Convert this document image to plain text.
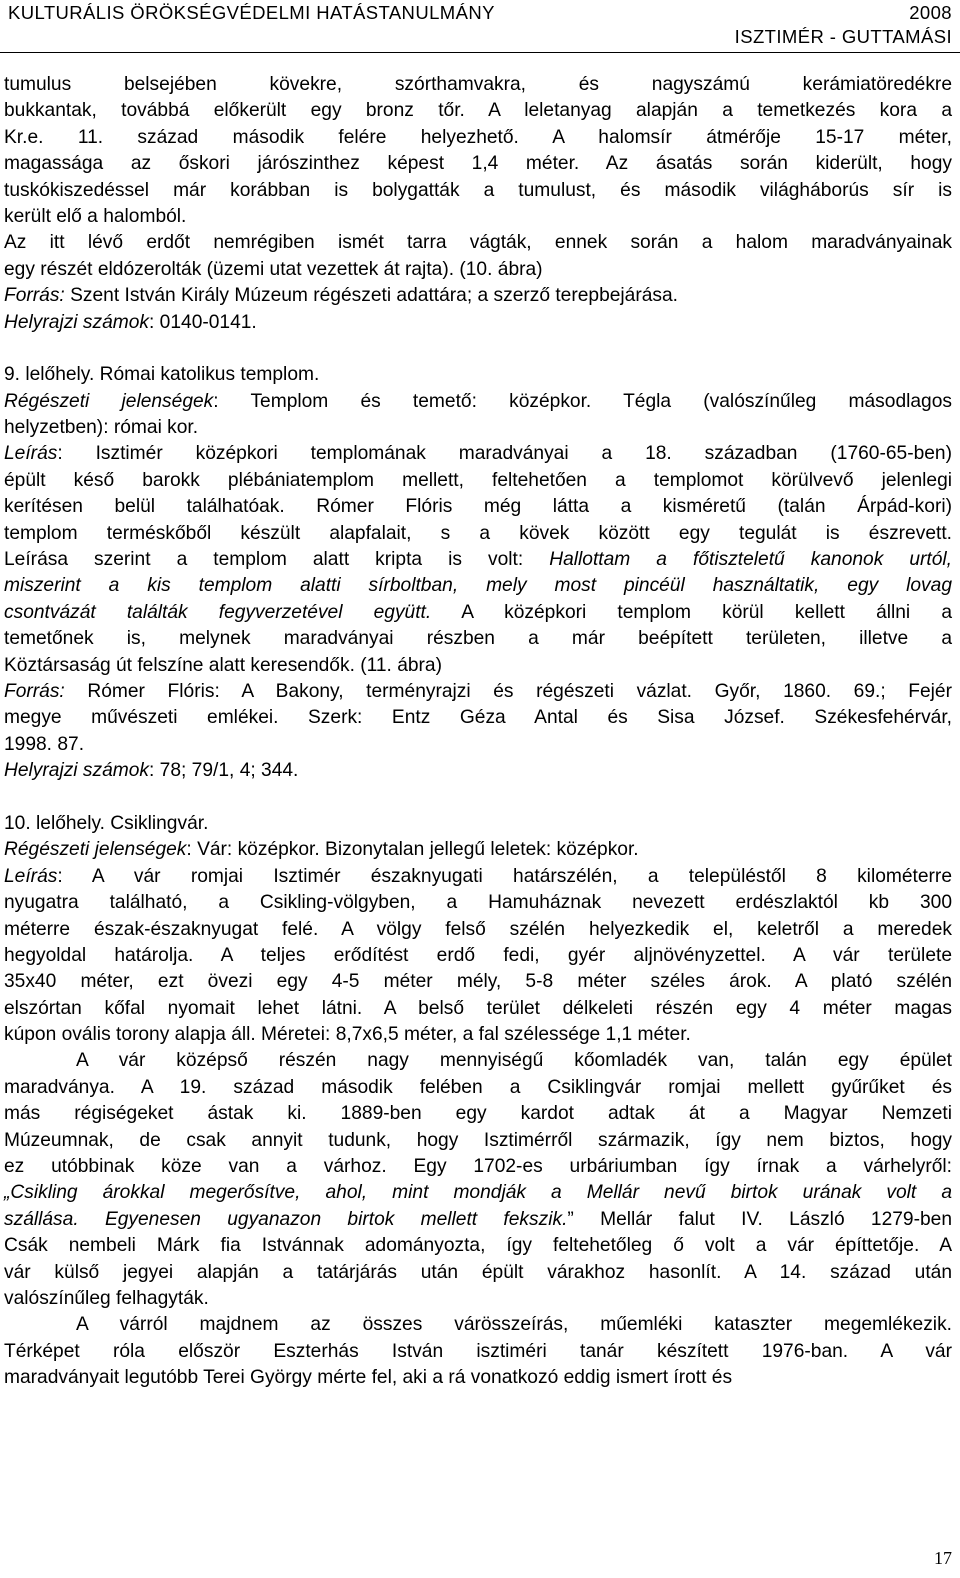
KULTURÁLIS ÖRÖKSÉGVÉDELMI HATÁSTANULMÁNY	2008
ISZTIMÉR - GUTTAMÁSI
tumulus belsejében kövekre, szórthamvakra, és nagyszámú kerámiatöredékre
bukkantak, továbbá előkerült egy bronz tőr. A leletanyag alapján a temetkezés kora a
Kr.e. 11. század második felére helyezhető. A halomsír átmérője 15-17 méter,
magassága az őskori járószinthez képest 1,4 méter. Az ásatás során kiderült, hogy
tuskókiszedéssel már korábban is bolygatták a tumulust, és második világháborús sír is
került elő a halomból.
Az itt lévő erdőt nemrégiben ismét tarra vágták, ennek során a halom maradványainak
egy részét eldózerolták (üzemi utat vezettek át rajta). (10. ábra)
Forrás: Szent István Király Múzeum régészeti adattára; a szerző terepbejárása.
Helyrajzi számok: 0140-0141.
9. lelőhely. Római katolikus templom.
Régészeti jelenségek: Templom és temető: középkor. Tégla (valószínűleg másodlagos
helyzetben): római kor.
Leírás: Isztimér középkori templomának maradványai a 18. században (1760-65-ben)
épült késő barokk plébániatemplom mellett, feltehetően a templomot körülvevő jelenlegi
kerítésen belül találhatóak. Rómer Flóris még látta a kisméretű (talán Árpád-kori)
templom terméskőből készült alapfalait, s a kövek között egy tegulát is észrevett.
Leírása szerint a templom alatt kripta is volt: Hallottam a főtiszteletű kanonok urtól,
miszerint a kis templom alatti sírboltban, mely most pincéül használtatik, egy lovag
csontvázát találták fegyverzetével együtt. A középkori templom körül kellett állni a
temetőnek is, melynek maradványai részben a már beépített területen, illetve a
Köztársaság út felszíne alatt keresendők. (11. ábra)
Forrás: Rómer Flóris: A Bakony, terményrajzi és régészeti vázlat. Győr, 1860. 69.; Fejér
megye művészeti emlékei. Szerk: Entz Géza Antal és Sisa József. Székesfehérvár,
1998. 87.
Helyrajzi számok: 78; 79/1, 4; 344.
10. lelőhely. Csiklingvár.
Régészeti jelenségek: Vár: középkor. Bizonytalan jellegű leletek: középkor.
Leírás: A vár romjai Isztimér északnyugati határszélén, a településtől 8 kilométerre
nyugatra található, a Csikling-völgyben, a Hamuháznak nevezett erdészlaktól kb 300
méterre észak-északnyugat felé. A völgy felső szélén helyezkedik el, keletről a meredek
hegyoldal határolja. A teljes erődítést erdő fedi, gyér aljnövényzettel. A vár területe
35x40 méter, ezt övezi egy 4-5 méter mély, 5-8 méter széles árok. A plató szélén
elszórtan kőfal nyomait lehet látni. A belső terület délkeleti részén egy 4 méter magas
kúpon ovális torony alapja áll. Méretei: 8,7x6,5 méter, a fal szélessége 1,1 méter.
A vár középső részén nagy mennyiségű kőomladék van, talán egy épület
maradványa. A 19. század második felében a Csiklingvár romjai mellett gyűrűket és
más régiségeket ástak ki. 1889-ben egy kardot adtak át a Magyar Nemzeti
Múzeumnak, de csak annyit tudunk, hogy Isztimérről származik, így nem biztos, hogy
ez utóbbinak köze van a várhoz. Egy 1702-es urbáriumban így írnak a várhelyről:
„Csikling árokkal megerősítve, ahol, mint mondják a Mellár nevű birtok urának volt a
szállása. Egyenesen ugyanazon birtok mellett fekszik.” Mellár falut IV. László 1279-ben
Csák nembeli Márk fia Istvánnak adományozta, így feltehetőleg ő volt a vár építtetője. A
vár külső jegyei alapján a tatárjárás után épült várakhoz hasonlít. A 14. század után
valószínűleg felhagyták.
A várról majdnem az összes várösszeírás, műemléki kataszter megemlékezik.
Térképet róla először Eszterhás István isztiméri tanár készített 1976-ban. A vár
maradványait legutóbb Terei György mérte fel, aki a rá vonatkozó eddig ismert írott és
17
